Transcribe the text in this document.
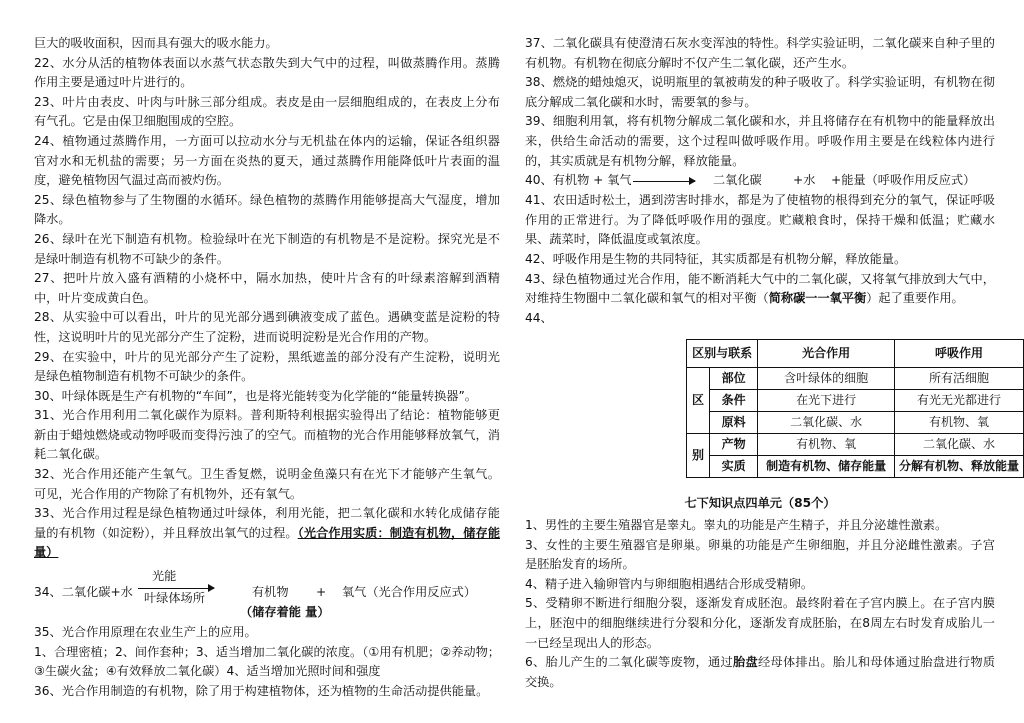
巨大的吸收面积，因而具有强大的吸水能力。

22、水分从活的植物体表面以水蒸气状态散失到大气中的过程，叫做蒸腾作用。蒸腾作用主要是通过叶片进行的。

23、叶片由表皮、叶肉与叶脉三部分组成。表皮是由一层细胞组成的，在表皮上分布有气孔。它是由保卫细胞围成的空腔。

24、植物通过蒸腾作用，一方面可以拉动水分与无机盐在体内的运输，保证各组织器官对水和无机盐的需要；另一方面在炎热的夏天，通过蒸腾作用能降低叶片表面的温度，避免植物因气温过高而被灼伤。

25、绿色植物参与了生物圈的水循环。绿色植物的蒸腾作用能够提高大气湿度，增加降水。

26、绿叶在光下制造有机物。检验绿叶在光下制造的有机物是不是淀粉。探究光是不是绿叶制造有机物不可缺少的条件。

27、把叶片放入盛有酒精的小烧杯中，隔水加热，使叶片含有的叶绿素溶解到酒精中，叶片变成黄白色。

28、从实验中可以看出，叶片的见光部分遇到碘液变成了蓝色。遇碘变蓝是淀粉的特性，这说明叶片的见光部分产生了淀粉，进而说明淀粉是光合作用的产物。

29、在实验中，叶片的见光部分产生了淀粉，黑纸遮盖的部分没有产生淀粉，说明光是绿色植物制造有机物不可缺少的条件。

30、叶绿体既是生产有机物的“车间”，也是将光能转变为化学能的“能量转换器”。

31、光合作用利用二氧化碳作为原料。普利斯特利根据实验得出了结论：植物能够更新由于蜡烛燃烧或动物呼吸而变得污浊了的空气。而植物的光合作用能够释放氧气，消耗二氧化碳。

32、光合作用还能产生氧气。卫生香复燃，说明金鱼藻只有在光下才能够产生氧气。可见，光合作用的产物除了有机物外，还有氧气。

33、光合作用过程是绿色植物通过叶绿体，利用光能，把二氧化碳和水转化成储存能量的有机物（如淀粉），并且释放出氧气的过程。（光合作用实质：制造有机物，储存能量）

34、二氧化碳+水
光能
叶绿体场所	有机物 + 氧气（光合作用反应式）
（储存着能 量）

35、光合作用原理在农业生产上的应用。

1、合理密植；2、间作套种；3、适当增加二氧化碳的浓度。（①用有机肥；②养动物；③生碳火盆；④有效释放二氧化碳）4、适当增加光照时间和强度

36、光合作用制造的有机物，除了用于构建植物体，还为植物的生命活动提供能量。

37、二氧化碳具有使澄清石灰水变浑浊的特性。科学实验证明，二氧化碳来自种子里的有机物。有机物在彻底分解时不仅产生二氧化碳，还产生水。

38、燃烧的蜡烛熄灭，说明瓶里的氧被萌发的种子吸收了。科学实验证明，有机物在彻底分解成二氧化碳和水时，需要氧的参与。

39、细胞利用氧，将有机物分解成二氧化碳和水，并且将储存在有机物中的能量释放出来，供给生命活动的需要，这个过程叫做呼吸作用。呼吸作用主要是在线粒体内进行的，其实质就是有机物分解，释放能量。

40、有机物 + 氧气	二氧化碳	+水 +能量（呼吸作用反应式）

41、农田适时松土，遇到涝害时排水，都是为了使植物的根得到充分的氧气，保证呼吸作用的正常进行。为了降低呼吸作用的强度。贮藏粮食时，保持干燥和低温；贮藏水果、蔬菜时，降低温度或氧浓度。

42、呼吸作用是生物的共同特征，其实质都是有机物分解，释放能量。

43、绿色植物通过光合作用，能不断消耗大气中的二氧化碳，又将氧气排放到大气中，对维持生物圈中二氧化碳和氧气的相对平衡（简称碳一一氧平衡）起了重要作用。

44、

区别与联系		光合作用	呼吸作用
区	部位	含叶绿体的细胞	所有活细胞
	条件	在光下进行	有光无光都进行
	原料	二氧化碳、水	有机物、氧
别	产物	有机物、氧	二氧化碳、水
	实质	制造有机物、储存能量	分解有机物、释放能量
七下知识点四单元（85个）

1、男性的主要生殖器官是睾丸。睾丸的功能是产生精子，并且分泌雄性激素。

3、女性的主要生殖器官是卵巢。卵巢的功能是产生卵细胞，并且分泌雌性激素。子宫是胚胎发育的场所。

4、精子进入输卵管内与卵细胞相遇结合形成受精卵。

5、受精卵不断进行细胞分裂，逐渐发育成胚泡。最终附着在子宫内膜上。在子宫内膜上，胚泡中的细胞继续进行分裂和分化，逐渐发育成胚胎，在8周左右时发育成胎儿一一已经呈现出人的形态。

6、胎儿产生的二氧化碳等废物，通过胎盘经母体排出。胎儿和母体通过胎盘进行物质交换。
